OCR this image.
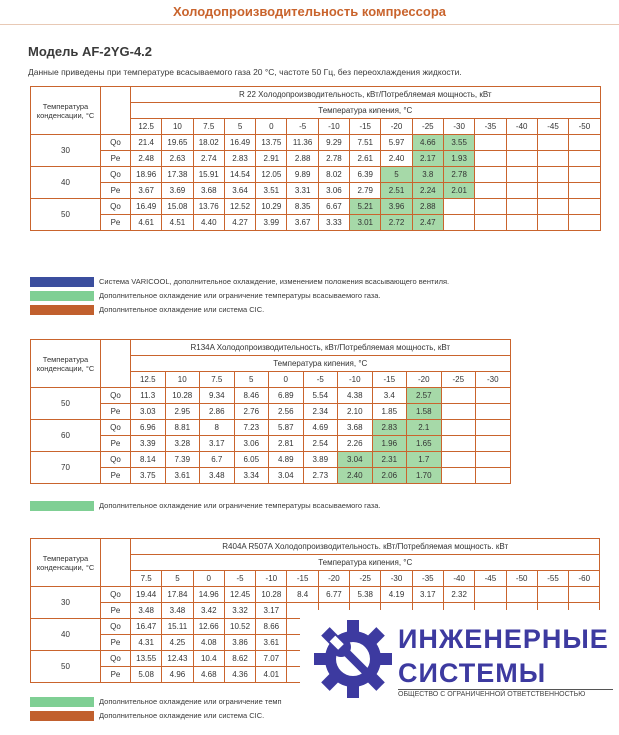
Холодопроизводительность компрессора
Модель AF-2YG-4.2
Данные приведены при температуре всасываемого газа 20 °С, частоте 50 Гц, без переохлаждения жидкости.
Температура конденсации, °С		R 22 Холодопроизводительность, кВт/Потребляемая мощность, кВт														
		Температура кипения, °С														
		12.5	10	7.5	5	0	-5	-10	-15	-20	-25	-30	-35	-40	-45	-50
30	Qo	21.4	19.65	18.02	16.49	13.75	11.36	9.29	7.51	5.97	4.66	3.55				
	Pe	2.48	2.63	2.74	2.83	2.91	2.88	2.78	2.61	2.40	2.17	1.93				
40	Qo	18.96	17.38	15.91	14.54	12.05	9.89	8.02	6.39	5	3.8	2.78				
	Pe	3.67	3.69	3.68	3.64	3.51	3.31	3.06	2.79	2.51	2.24	2.01				
50	Qo	16.49	15.08	13.76	12.52	10.29	8.35	6.67	5.21	3.96	2.88					
	Pe	4.61	4.51	4.40	4.27	3.99	3.67	3.33	3.01	2.72	2.47					
Система VARICOOL, дополнительное охлаждение, изменением положения всасывающего вентиля.
Дополнительное охлаждение или ограничение температуры всасываемого газа.
Дополнительное охлаждение или система CIC.
Температура конденсации, °С		R134A Холодопроизводительность, кВт/Потребляемая мощность, кВт										
		Температура кипения, °С										
		12.5	10	7.5	5	0	-5	-10	-15	-20	-25	-30
50	Qo	11.3	10.28	9.34	8.46	6.89	5.54	4.38	3.4	2.57		
	Pe	3.03	2.95	2.86	2.76	2.56	2.34	2.10	1.85	1.58		
60	Qo	6.96	8.81	8	7.23	5.87	4.69	3.68	2.83	2.1		
	Pe	3.39	3.28	3.17	3.06	2.81	2.54	2.26	1.96	1.65		
70	Qo	8.14	7.39	6.7	6.05	4.89	3.89	3.04	2.31	1.7		
	Pe	3.75	3.61	3.48	3.34	3.04	2.73	2.40	2.06	1.70		
Дополнительное охлаждение или ограничение температуры всасываемого газа.
Температура конденсации, °С		R404A R507A Холодопроизводительность. кВт/Потребляемая мощность. кВт														
		Температура кипения, °С														
		7.5	5	0	-5	-10	-15	-20	-25	-30	-35	-40	-45	-50	-55	-60
30	Qo	19.44	17.84	14.96	12.45	10.28	8.4	6.77	5.38	4.19	3.17	2.32				
	Pe	3.48	3.48	3.42	3.32	3.17										
40	Qo	16.47	15.11	12.66	10.52	8.66										
	Pe	4.31	4.25	4.08	3.86	3.61										
50	Qo	13.55	12.43	10.4	8.62	7.07										
	Pe	5.08	4.96	4.68	4.36	4.01										
Дополнительное охлаждение или ограничение темп
Дополнительное охлаждение или система CIC.
ИНЖЕНЕРНЫЕ
СИСТЕМЫ
ОБЩЕСТВО С ОГРАНИЧЕННОЙ ОТВЕТСТВЕННОСТЬЮ
